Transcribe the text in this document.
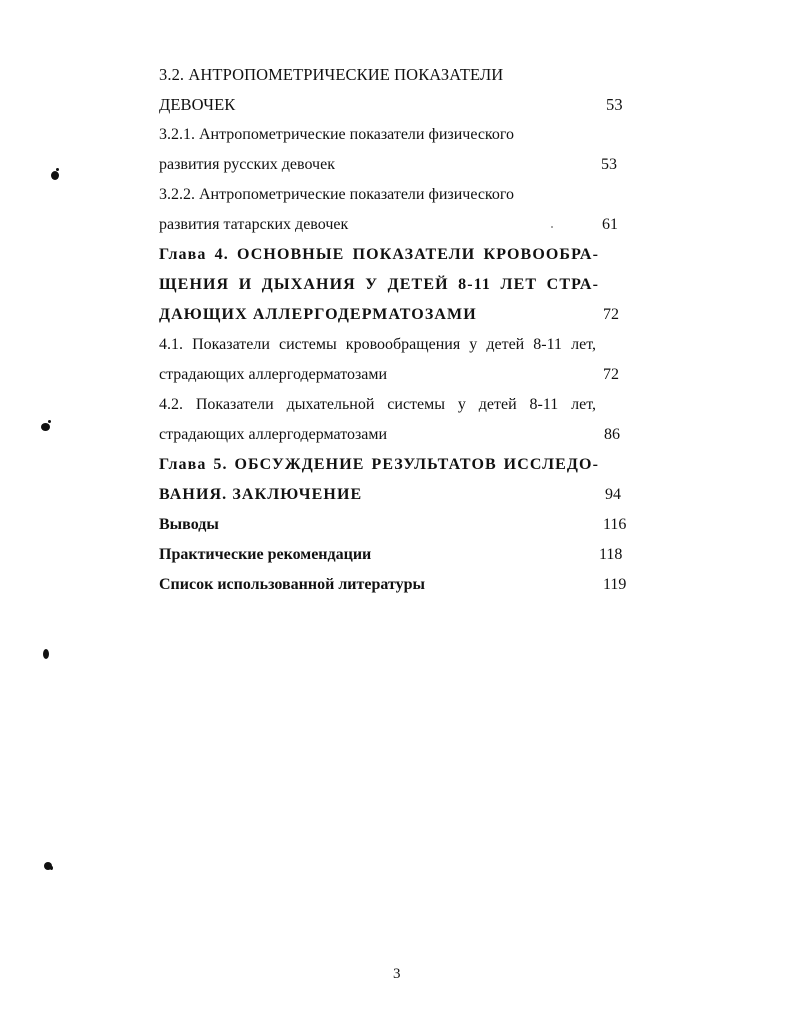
3.2. АНТРОПОМЕТРИЧЕСКИЕ ПОКАЗАТЕЛИ
ДЕВОЧЕК	53
3.2.1. Антропометрические показатели физического
развития русских девочек	53
3.2.2. Антропометрические показатели физического
развития татарских девочек	61
Глава 4. ОСНОВНЫЕ ПОКАЗАТЕЛИ КРОВООБРА-
ЩЕНИЯ И ДЫХАНИЯ У ДЕТЕЙ 8-11 ЛЕТ СТРА-
ДАЮЩИХ АЛЛЕРГОДЕРМАТОЗАМИ	72
4.1. Показатели системы кровообращения у детей 8-11 лет,
страдающих аллергодерматозами	72
4.2. Показатели дыхательной системы у детей 8-11 лет,
страдающих аллергодерматозами	86
Глава 5. ОБСУЖДЕНИЕ РЕЗУЛЬТАТОВ ИССЛЕДО-
ВАНИЯ. ЗАКЛЮЧЕНИЕ	94
Выводы	116
Практические рекомендации	118
Список использованной литературы	119
3
